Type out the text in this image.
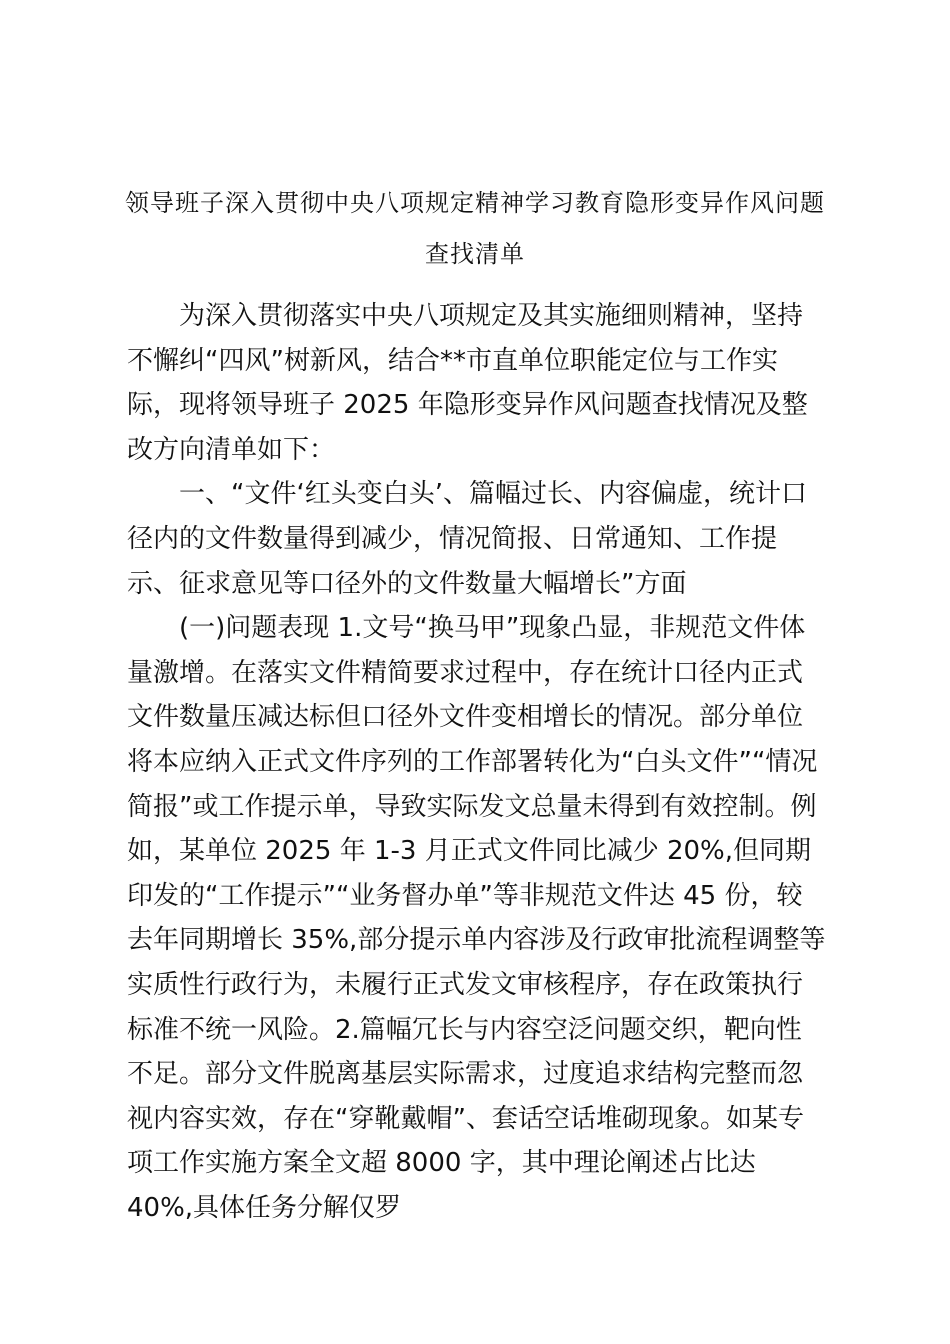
领导班子深入贯彻中央八项规定精神学习教育隐形变异作风问题查找清单

为深入贯彻落实中央八项规定及其实施细则精神，坚持不懈纠“四风”树新风，结合**市直单位职能定位与工作实际，现将领导班子 2025 年隐形变异作风问题查找情况及整改方向清单如下：

一、“文件‘红头变白头’、篇幅过长、内容偏虚，统计口径内的文件数量得到减少，情况简报、日常通知、工作提示、征求意见等口径外的文件数量大幅增长”方面

(一)问题表现 1.文号“换马甲”现象凸显，非规范文件体量激增。在落实文件精简要求过程中，存在统计口径内正式文件数量压减达标但口径外文件变相增长的情况。部分单位将本应纳入正式文件序列的工作部署转化为“白头文件”“情况简报”或工作提示单，导致实际发文总量未得到有效控制。例如，某单位 2025 年 1-3 月正式文件同比减少 20%,但同期印发的“工作提示”“业务督办单”等非规范文件达 45 份，较去年同期增长 35%,部分提示单内容涉及行政审批流程调整等实质性行政行为，未履行正式发文审核程序，存在政策执行标准不统一风险。2.篇幅冗长与内容空泛问题交织，靶向性不足。部分文件脱离基层实际需求，过度追求结构完整而忽视内容实效，存在“穿靴戴帽”、套话空话堆砌现象。如某专项工作实施方案全文超 8000 字，其中理论阐述占比达 40%,具体任务分解仅罗
